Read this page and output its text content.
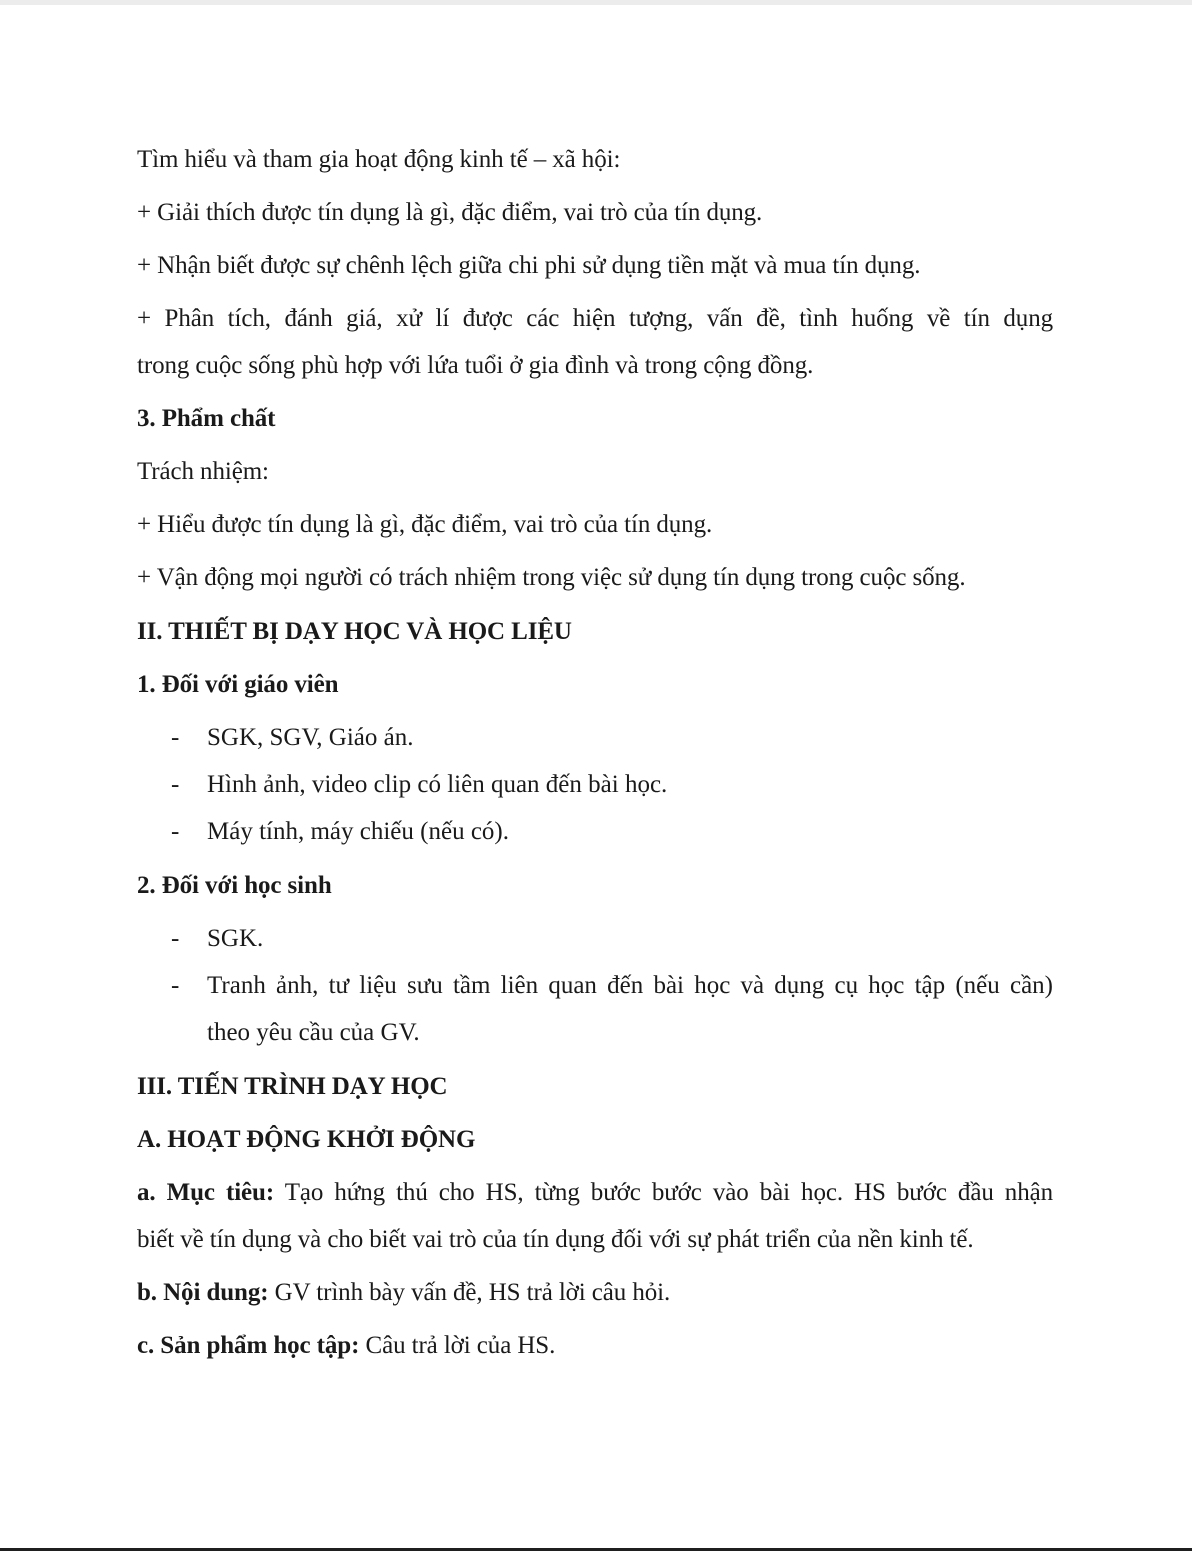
Tìm hiểu và tham gia hoạt động kinh tế – xã hội:
+ Giải thích được tín dụng là gì, đặc điểm, vai trò của tín dụng.
+ Nhận biết được sự chênh lệch giữa chi phi sử dụng tiền mặt và mua tín dụng.
+ Phân tích, đánh giá, xử lí được các hiện tượng, vấn đề, tình huống về tín dụng
trong cuộc sống phù hợp với lứa tuổi ở gia đình và trong cộng đồng.
3. Phẩm chất
Trách nhiệm:
+ Hiểu được tín dụng là gì, đặc điểm, vai trò của tín dụng.
+ Vận động mọi người có trách nhiệm trong việc sử dụng tín dụng trong cuộc sống.
II. THIẾT BỊ DẠY HỌC VÀ HỌC LIỆU
1. Đối với giáo viên
- SGK, SGV, Giáo án.
- Hình ảnh, video clip có liên quan đến bài học.
- Máy tính, máy chiếu (nếu có).
2. Đối với học sinh
- SGK.
- Tranh ảnh, tư liệu sưu tầm liên quan đến bài học và dụng cụ học tập (nếu cần)
theo yêu cầu của GV.
III. TIẾN TRÌNH DẠY HỌC
A. HOẠT ĐỘNG KHỞI ĐỘNG
a. Mục tiêu: Tạo hứng thú cho HS, từng bước bước vào bài học. HS bước đầu nhận
biết về tín dụng và cho biết vai trò của tín dụng đối với sự phát triển của nền kinh tế.
b. Nội dung: GV trình bày vấn đề, HS trả lời câu hỏi.
c. Sản phẩm học tập: Câu trả lời của HS.
